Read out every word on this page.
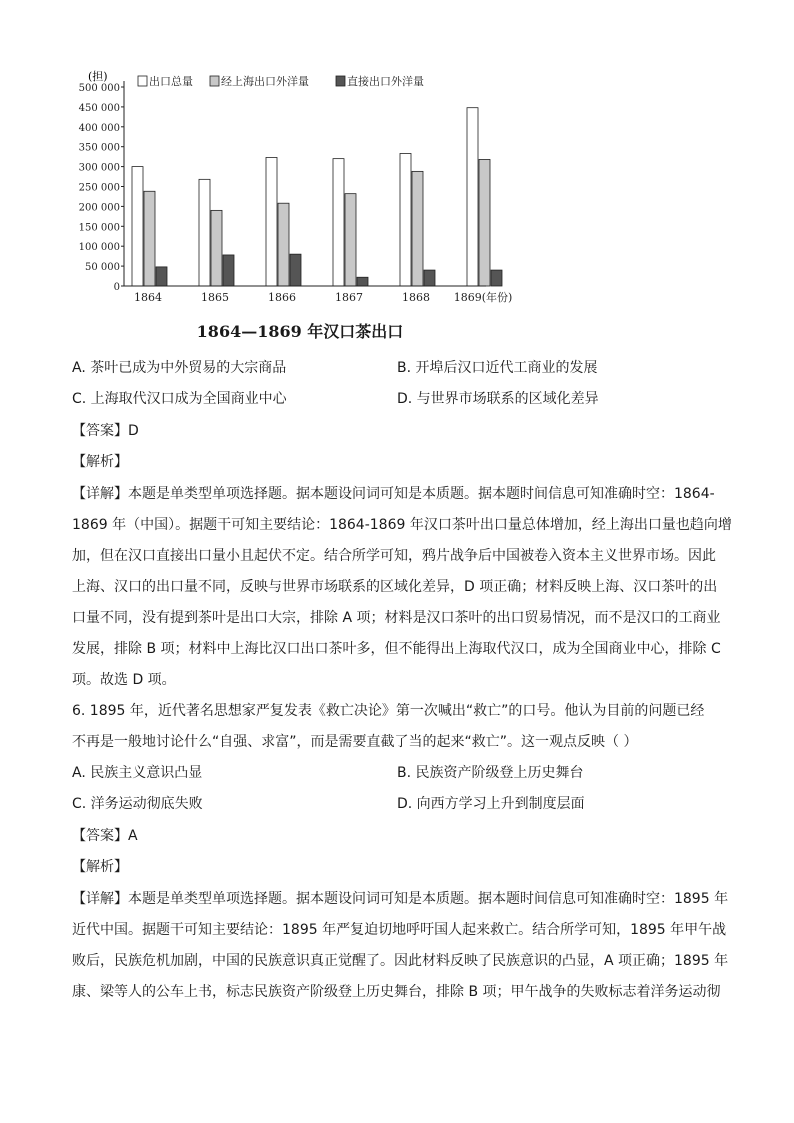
0
50 000
100 000
150 000
200 000
250 000
300 000
350 000
400 000
450 000
500 000
1864	1865	1866	1867	1868 1869(年份)
出口总量	经上海出口外洋量	直接出口外洋量
(担)
1864—1869 年汉口茶出口
A. 茶叶已成为中外贸易的大宗商品	B. 开埠后汉口近代工商业的发展
C. 上海取代汉口成为全国商业中心	D. 与世界市场联系的区域化差异
【答案】D
【解析】
【详解】本题是单类型单项选择题。据本题设问词可知是本质题。据本题时间信息可知准确时空：1864-
1869 年（中国）。据题干可知主要结论：1864-1869 年汉口茶叶出口量总体增加，经上海出口量也趋向增
加，但在汉口直接出口量小且起伏不定。结合所学可知，鸦片战争后中国被卷入资本主义世界市场。因此
上海、汉口的出口量不同，反映与世界市场联系的区域化差异，D 项正确；材料反映上海、汉口茶叶的出
口量不同，没有提到茶叶是出口大宗，排除 A 项；材料是汉口茶叶的出口贸易情况，而不是汉口的工商业
发展，排除 B 项；材料中上海比汉口出口茶叶多，但不能得出上海取代汉口，成为全国商业中心，排除 C
项。故选 D 项。
6. 1895 年，近代著名思想家严复发表《救亡决论》第一次喊出“救亡”的口号。他认为目前的问题已经
不再是一般地讨论什么“自强、求富”，而是需要直截了当的起来“救亡”。这一观点反映（ ）
A. 民族主义意识凸显	B. 民族资产阶级登上历史舞台
C. 洋务运动彻底失败	D. 向西方学习上升到制度层面
【答案】A
【解析】
【详解】本题是单类型单项选择题。据本题设问词可知是本质题。据本题时间信息可知准确时空：1895 年
近代中国。据题干可知主要结论：1895 年严复迫切地呼吁国人起来救亡。结合所学可知，1895 年甲午战
败后，民族危机加剧，中国的民族意识真正觉醒了。因此材料反映了民族意识的凸显，A 项正确；1895 年
康、梁等人的公车上书，标志民族资产阶级登上历史舞台，排除 B 项；甲午战争的失败标志着洋务运动彻
